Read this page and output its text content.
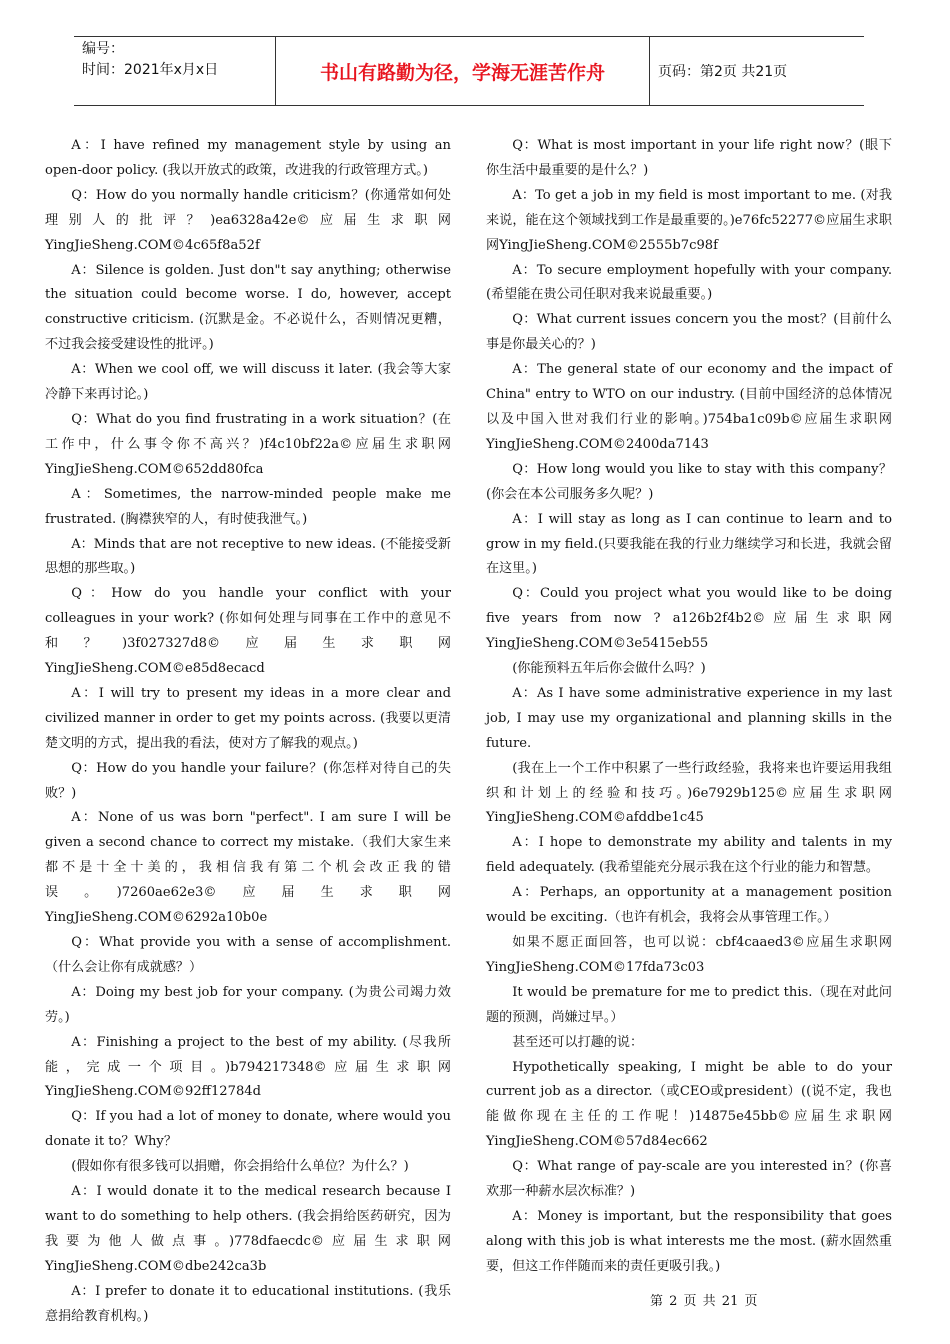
编号：
时间：2021年x月x日	书山有路勤为径，学海无涯苦作舟	页码：第2页 共21页

A：I have refined my management style by using an open-door policy. (我以开放式的政策，改进我的行政管理方式。)

Q：How do you normally handle criticism？(你通常如何处理别人的批评？)ea6328a42e©应届生求职网YingJieSheng.COM©4c65f8a52f

A：Silence is golden. Just don"t say anything; otherwise the situation could become worse. I do, however, accept constructive criticism. (沉默是金。不必说什么，否则情况更糟，不过我会接受建设性的批评。)

A：When we cool off, we will discuss it later. (我会等大家冷静下来再讨论。)

Q：What do you find frustrating in a work situation？(在工作中，什么事令你不高兴？)f4c10bf22a©应届生求职网YingJieSheng.COM©652dd80fca

A：Sometimes, the narrow-minded people make me frustrated. (胸襟狭窄的人，有时使我泄气。)

A：Minds that are not receptive to new ideas. (不能接受新思想的那些取。)

Q：How do you handle your conflict with your colleagues in your work? (你如何处理与同事在工作中的意见不和？)3f027327d8©应届生求职网YingJieSheng.COM©e85d8ecacd

A：I will try to present my ideas in a more clear and civilized manner in order to get my points across. (我要以更清楚文明的方式，提出我的看法，使对方了解我的观点。)

Q：How do you handle your failure？(你怎样对待自己的失败？)

A：None of us was born "perfect". I am sure I will be given a second chance to correct my mistake.（我们大家生来都不是十全十美的，我相信我有第二个机会改正我的错误。)7260ae62e3©应届生求职网YingJieSheng.COM©6292a10b0e

Q：What provide you with a sense of accomplishment.（什么会让你有成就感？）

A：Doing my best job for your company. (为贵公司竭力效劳。)

A：Finishing a project to the best of my ability. (尽我所能，完成一个项目。)b794217348©应届生求职网YingJieSheng.COM©92ff12784d

Q：If you had a lot of money to donate, where would you donate it to？Why？

(假如你有很多钱可以捐赠，你会捐给什么单位？为什么？)

A：I would donate it to the medical research because I want to do something to help others. (我会捐给医药研究，因为我要为他人做点事。)778dfaecdc©应届生求职网YingJieSheng.COM©dbe242ca3b

A：I prefer to donate it to educational institutions. (我乐意捐给教育机构。)

Q：What is most important in your life right now？(眼下你生活中最重要的是什么？)

A：To get a job in my field is most important to me. (对我来说，能在这个领域找到工作是最重要的。)e76fc52277©应届生求职网YingJieSheng.COM©2555b7c98f

A：To secure employment hopefully with your company. (希望能在贵公司任职对我来说最重要。)

Q：What current issues concern you the most？(目前什么事是你最关心的？)

A：The general state of our economy and the impact of China" entry to WTO on our industry. (目前中国经济的总体情况以及中国入世对我们行业的影响。)754ba1c09b©应届生求职网YingJieSheng.COM©2400da7143

Q：How long would you like to stay with this company？(你会在本公司服务多久呢？)

A：I will stay as long as I can continue to learn and to grow in my field.(只要我能在我的行业力继续学习和长进，我就会留在这里。)

Q：Could you project what you would like to be doing five years from now ? a126b2f4b2©应届生求职网YingJieSheng.COM©3e5415eb55

(你能预料五年后你会做什么吗？)

A：As I have some administrative experience in my last job, I may use my organizational and planning skills in the future.

(我在上一个工作中积累了一些行政经验，我将来也许要运用我组织和计划上的经验和技巧。)6e7929b125©应届生求职网YingJieSheng.COM©afddbe1c45

A：I hope to demonstrate my ability and talents in my field adequately. (我希望能充分展示我在这个行业的能力和智慧。

A：Perhaps, an opportunity at a management position would be exciting.（也许有机会，我将会从事管理工作。）

如果不愿正面回答，也可以说：cbf4caaed3©应届生求职网YingJieSheng.COM©17fda73c03

It would be premature for me to predict this.（现在对此问题的预测，尚嫌过早。）

甚至还可以打趣的说：

Hypothetically speaking, I might be able to do your current job as a director.（或CEO或president）((说不定，我也能做你现在主任的工作呢！)14875e45bb©应届生求职网YingJieSheng.COM©57d84ec662

Q：What range of pay-scale are you interested in？(你喜欢那一种薪水层次标准？)

A：Money is important, but the responsibility that goes along with this job is what interests me the most. (薪水固然重要，但这工作伴随而来的责任更吸引我。)

第 2 页 共 21 页
